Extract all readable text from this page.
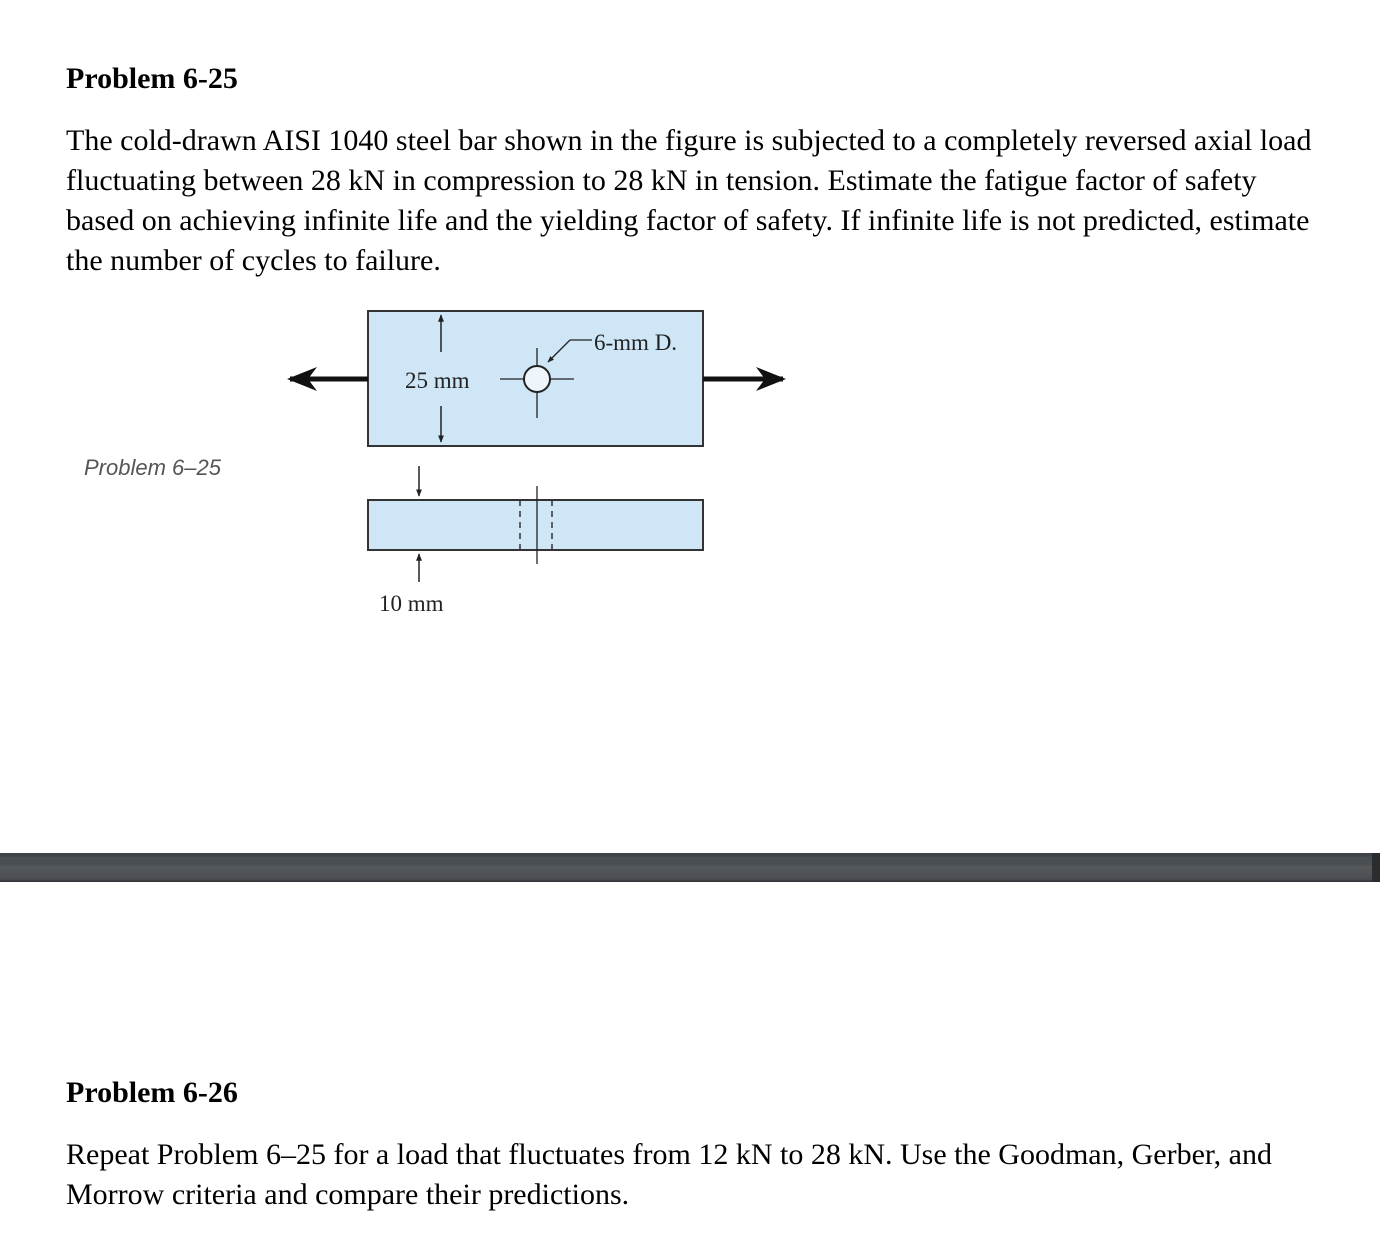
Problem 6-25

The cold-drawn AISI 1040 steel bar shown in the figure is subjected to a completely reversed axial load fluctuating between 28 kN in compression to 28 kN in tension. Estimate the fatigue factor of safety based on achieving infinite life and the yielding factor of safety. If infinite life is not predicted, estimate the number of cycles to failure.

25 mm
6-mm D.
Problem 6–25
10 mm
Problem 6-26

Repeat Problem 6–25 for a load that fluctuates from 12 kN to 28 kN. Use the Goodman, Gerber, and Morrow criteria and compare their predictions.
